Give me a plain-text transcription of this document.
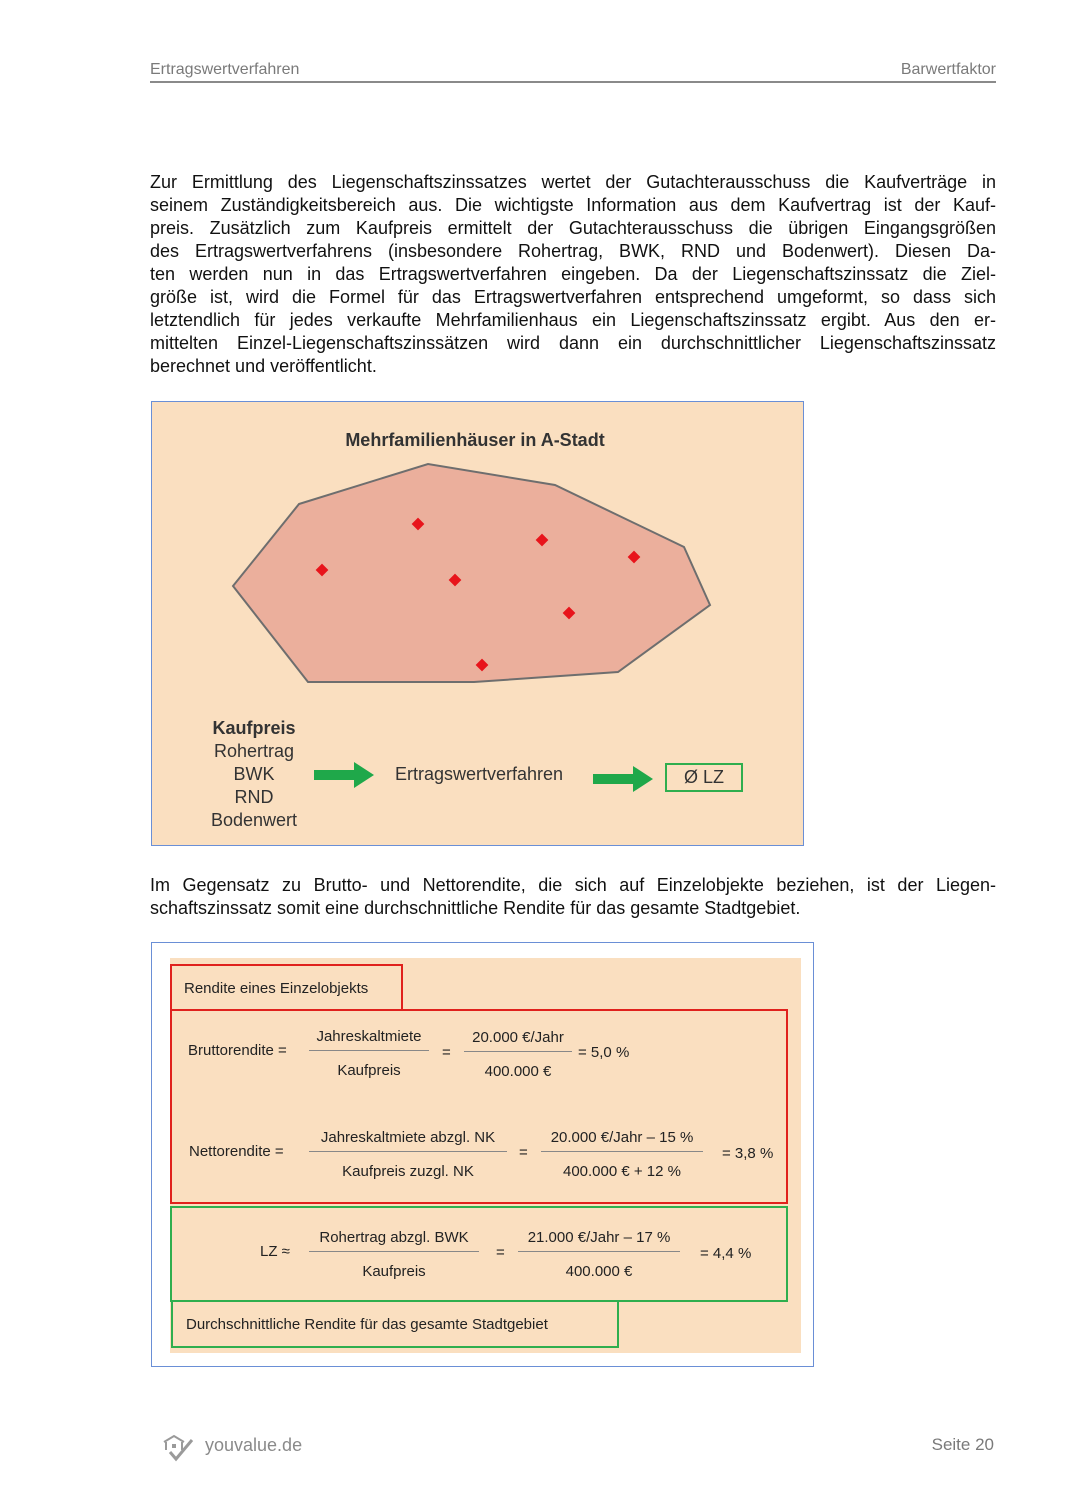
Ertragswertverfahren	Barwertfaktor
Zur Ermittlung des Liegenschaftszinssatzes wertet der Gutachterausschuss die Kaufverträge in
seinem Zuständigkeitsbereich aus. Die wichtigste Information aus dem Kaufvertrag ist der Kauf-
preis. Zusätzlich zum Kaufpreis ermittelt der Gutachterausschuss die übrigen Eingangsgrößen
des Ertragswertverfahrens (insbesondere Rohertrag, BWK, RND und Bodenwert). Diesen Da-
ten werden nun in das Ertragswertverfahren eingeben. Da der Liegenschaftszinssatz die Ziel-
größe ist, wird die Formel für das Ertragswertverfahren entsprechend umgeformt, so dass sich
letztendlich für jedes verkaufte Mehrfamilienhaus ein Liegenschaftszinssatz ergibt. Aus den er-
mittelten Einzel-Liegenschaftszinssätzen wird dann ein durchschnittlicher Liegenschaftszinssatz
berechnet und veröffentlicht.
Mehrfamilienhäuser in A-Stadt
Kaufpreis
Rohertrag
BWK
RND
Bodenwert
Ertragswertverfahren	Ø LZ
Im Gegensatz zu Brutto- und Nettorendite, die sich auf Einzelobjekte beziehen, ist der Liegen-
schaftszinssatz somit eine durchschnittliche Rendite für das gesamte Stadtgebiet.
Rendite eines Einzelobjekts
Bruttorendite =
Jahreskaltmiete
Kaufpreis
=
20.000 €/Jahr
400.000 €
= 5,0 %
Nettorendite =
Jahreskaltmiete abzgl. NK
Kaufpreis zuzgl. NK
=
20.000 €/Jahr – 15 %
400.000 € + 12 %
= 3,8 %
LZ ≈
Rohertrag abzgl. BWK
Kaufpreis
=
21.000 €/Jahr – 17 %
400.000 €
= 4,4 %
Durchschnittliche Rendite für das gesamte Stadtgebiet
youvalue.de	Seite 20
